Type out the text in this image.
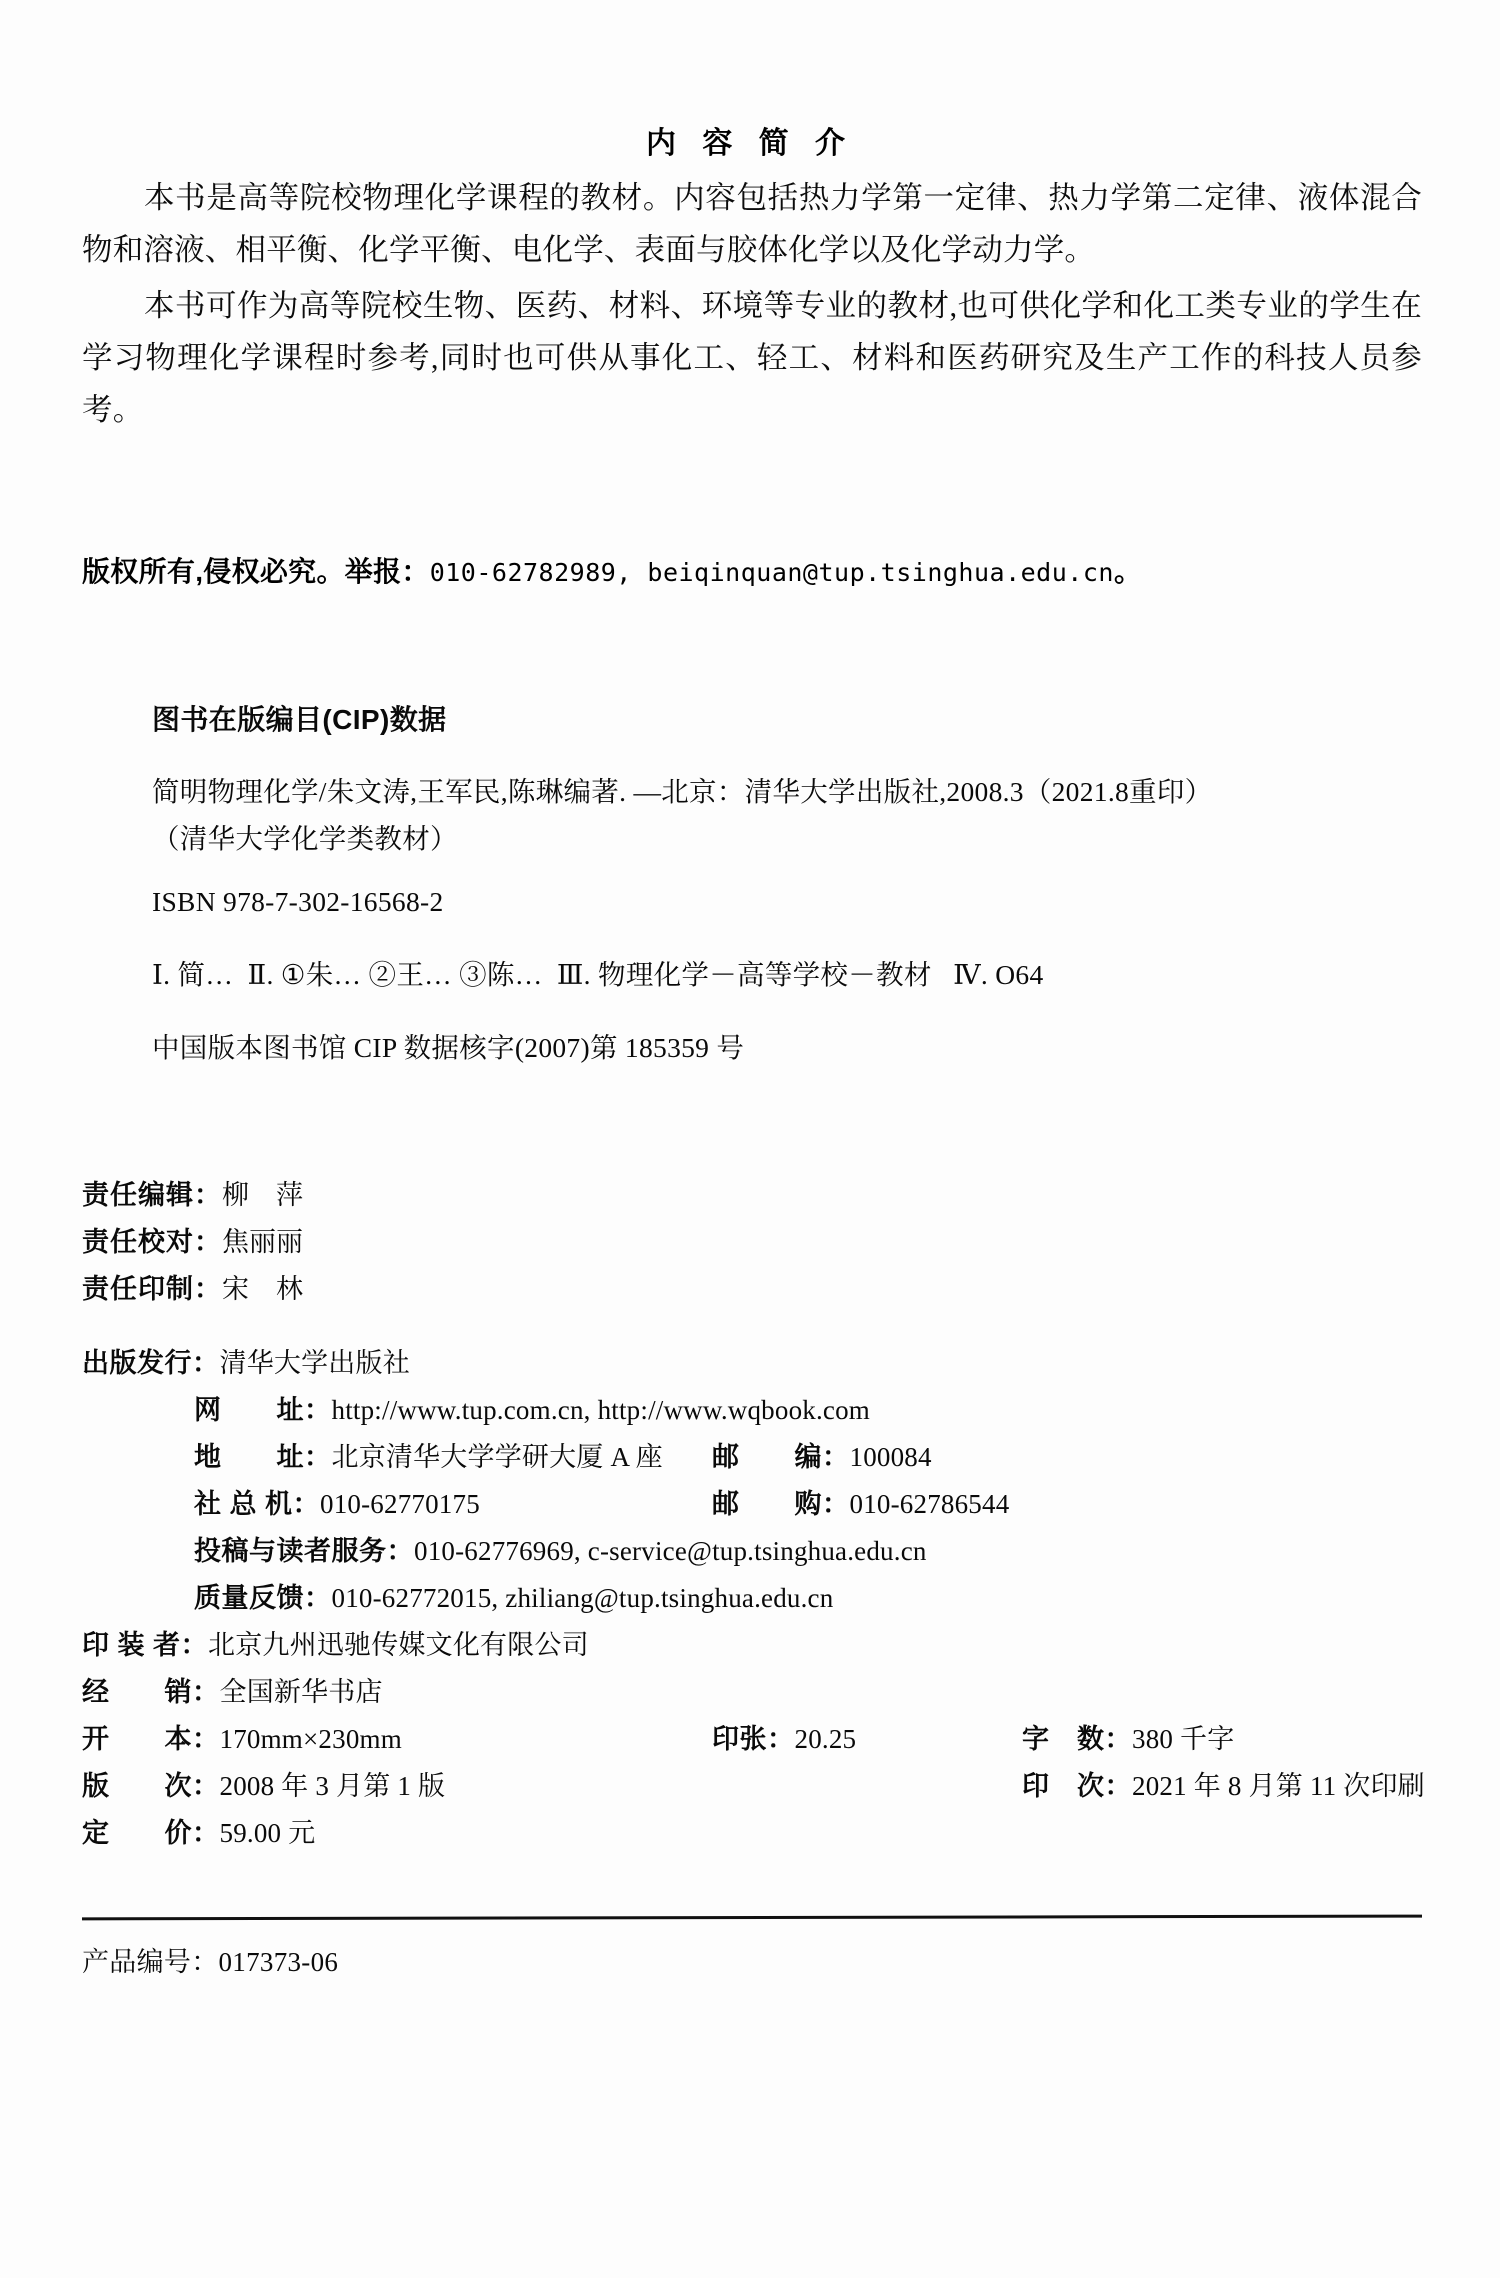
内 容 简 介

本书是高等院校物理化学课程的教材。内容包括热力学第一定律、热力学第二定律、液体混合物和溶液、相平衡、化学平衡、电化学、表面与胶体化学以及化学动力学。

本书可作为高等院校生物、医药、材料、环境等专业的教材,也可供化学和化工类专业的学生在学习物理化学课程时参考,同时也可供从事化工、轻工、材料和医药研究及生产工作的科技人员参考。

版权所有,侵权必究。举报：010-62782989, beiqinquan@tup.tsinghua.edu.cn。
图书在版编目(CIP)数据
简明物理化学/朱文涛,王军民,陈琳编著. —北京：清华大学出版社,2008.3（2021.8重印）
（清华大学化学类教材）
ISBN 978-7-302-16568-2
Ⅰ. 简…  Ⅱ. ①朱… ②王… ③陈…  Ⅲ. 物理化学－高等学校－教材   Ⅳ. O64
中国版本图书馆 CIP 数据核字(2007)第 185359 号
责任编辑：柳　萍
责任校对：焦丽丽
责任印制：宋　林
出版发行：清华大学出版社
网　　址：http://www.tup.com.cn, http://www.wqbook.com
地　　址：北京清华大学学研大厦 A 座 邮　　编：100084
社 总 机：010-62770175	邮　　购：010-62786544
投稿与读者服务：010-62776969, c-service@tup.tsinghua.edu.cn
质量反馈：010-62772015, zhiliang@tup.tsinghua.edu.cn
印 装 者：北京九州迅驰传媒文化有限公司
经　　销：全国新华书店
开　　本：170mm×230mm	印张：20.25	字　数：380 千字
版　　次：2008 年 3 月第 1 版	印　次：2021 年 8 月第 11 次印刷
定　　价：59.00 元
产品编号：017373-06
